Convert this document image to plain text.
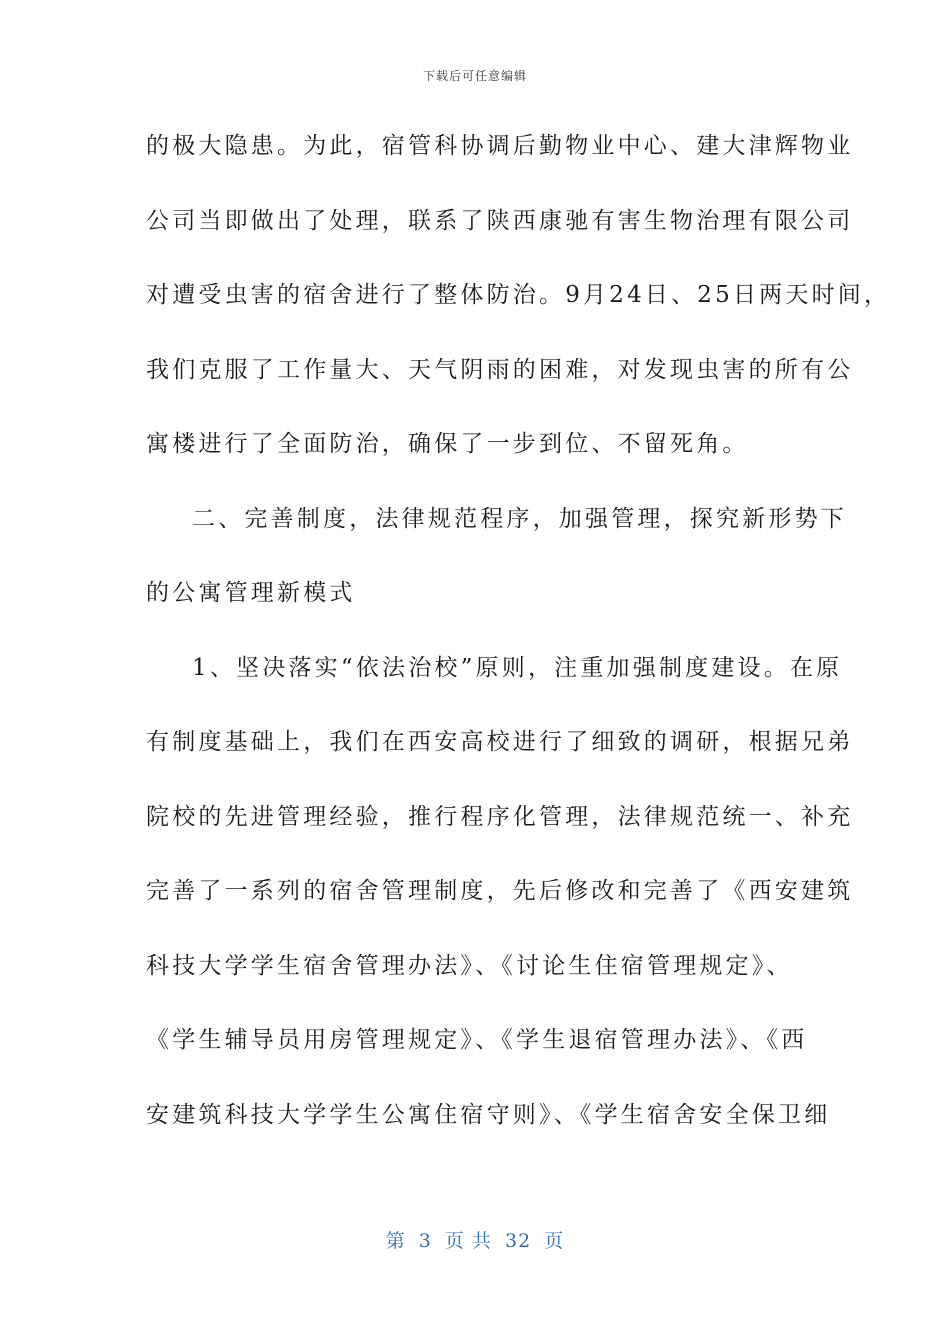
下载后可任意编辑
的极大隐患。为此，宿管科协调后勤物业中心、建大津辉物业
公司当即做出了处理，联系了陕西康驰有害生物治理有限公司
对遭受虫害的宿舍进行了整体防治。9月24日、25日两天时间，
我们克服了工作量大、天气阴雨的困难，对发现虫害的所有公
寓楼进行了全面防治，确保了一步到位、不留死角。
二、完善制度，法律规范程序，加强管理，探究新形势下
的公寓管理新模式
1、坚决落实“依法治校”原则，注重加强制度建设。在原
有制度基础上，我们在西安高校进行了细致的调研，根据兄弟
院校的先进管理经验，推行程序化管理，法律规范统一、补充
完善了一系列的宿舍管理制度，先后修改和完善了《西安建筑
科技大学学生宿舍管理办法》、《讨论生住宿管理规定》、
《学生辅导员用房管理规定》、《学生退宿管理办法》、《西
安建筑科技大学学生公寓住宿守则》、《学生宿舍安全保卫细
第 3 页 共 32 页
